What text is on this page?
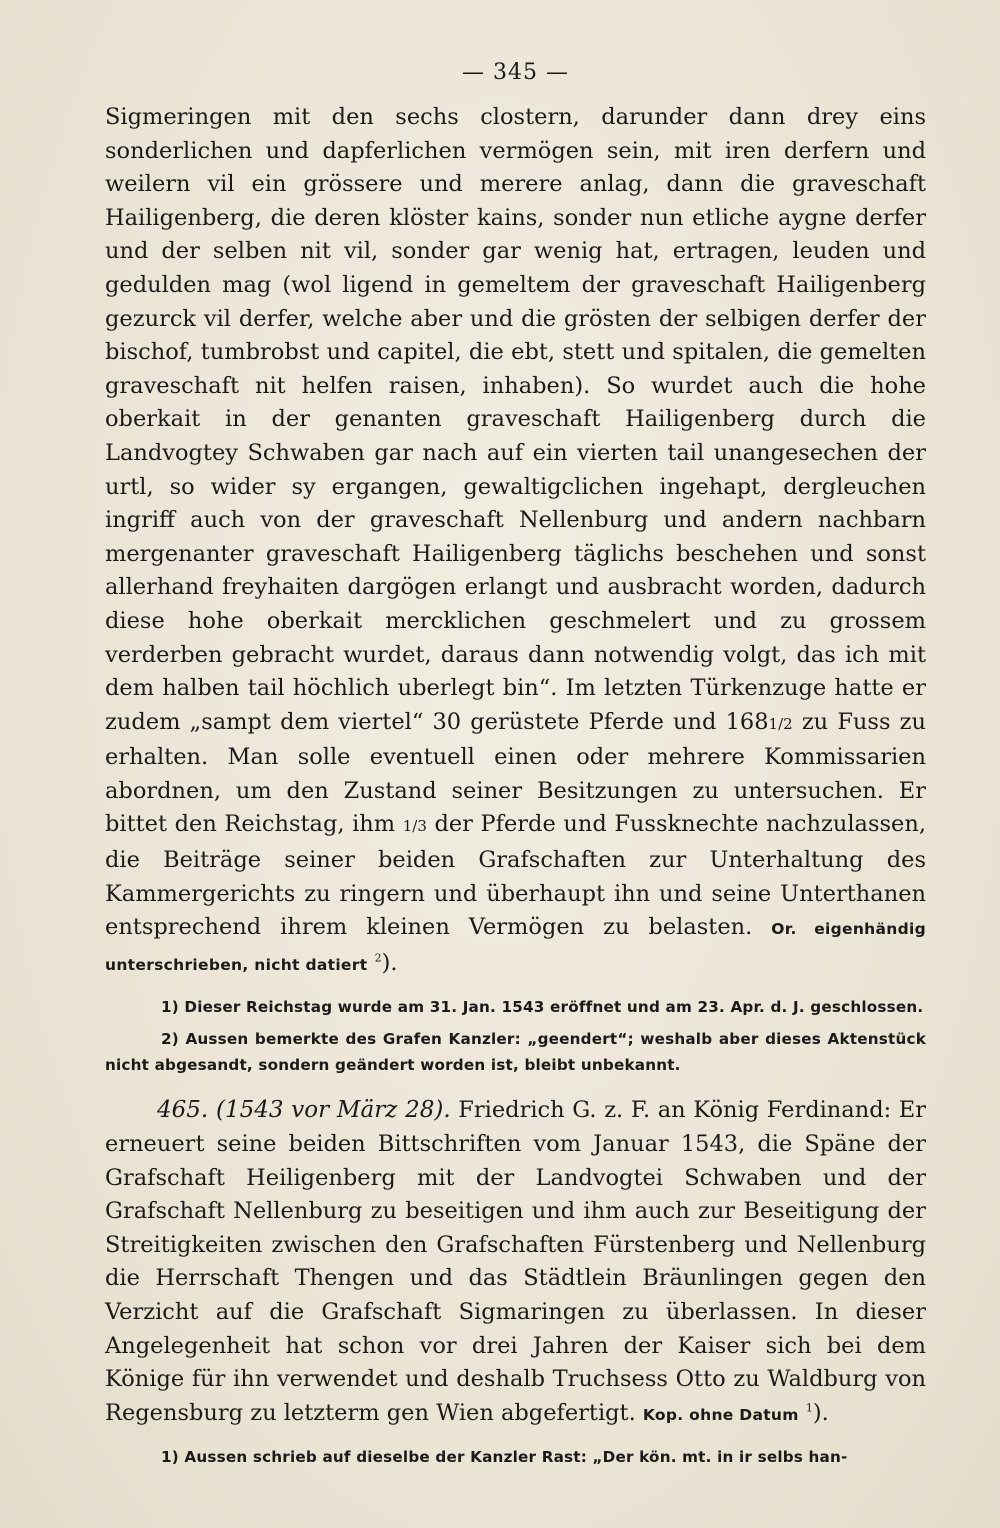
— 345 —

Sigmeringen mit den sechs clostern, darunder dann drey eins sonderlichen und dapferlichen vermögen sein, mit iren derfern und weilern vil ein grössere und merere anlag, dann die graveschaft Hailigenberg, die deren klöster kains, sonder nun etliche aygne derfer und der selben nit vil, sonder gar wenig hat, ertragen, leuden und gedulden mag (wol ligend in gemeltem der graveschaft Hailigenberg gezurck vil derfer, welche aber und die grösten der selbigen derfer der bischof, tumbrobst und capitel, die ebt, stett und spitalen, die gemelten graveschaft nit helfen raisen, inhaben). So wurdet auch die hohe oberkait in der genanten graveschaft Hailigenberg durch die Landvogtey Schwaben gar nach auf ein vierten tail unangesechen der urtl, so wider sy ergangen, gewaltigclichen ingehapt, dergleuchen ingriff auch von der graveschaft Nellenburg und andern nachbarn mergenanter graveschaft Hailigenberg täglichs beschehen und sonst allerhand freyhaiten dargögen erlangt und ausbracht worden, dadurch diese hohe oberkait mercklichen geschmelert und zu grossem verderben gebracht wurdet, daraus dann notwendig volgt, das ich mit dem halben tail höchlich uberlegt bin“. Im letzten Türkenzuge hatte er zudem „sampt dem viertel“ 30 gerüstete Pferde und 1681/2 zu Fuss zu erhalten. Man solle eventuell einen oder mehrere Kommissarien abordnen, um den Zustand seiner Besitzungen zu untersuchen. Er bittet den Reichstag, ihm 1/3 der Pferde und Fussknechte nachzulassen, die Beiträge seiner beiden Grafschaften zur Unterhaltung des Kammergerichts zu ringern und überhaupt ihn und seine Unterthanen entsprechend ihrem kleinen Vermögen zu belasten. Or. eigenhändig unterschrieben, nicht datiert $^2$).

1) Dieser Reichstag wurde am 31. Jan. 1543 eröffnet und am 23. Apr. d. J. geschlossen.

2) Aussen bemerkte des Grafen Kanzler: „geendert“; weshalb aber dieses Aktenstück nicht abgesandt, sondern geändert worden ist, bleibt unbekannt.

465. (1543 vor März 28). Friedrich G. z. F. an König Ferdinand: Er erneuert seine beiden Bittschriften vom Januar 1543, die Späne der Grafschaft Heiligenberg mit der Landvogtei Schwaben und der Grafschaft Nellenburg zu beseitigen und ihm auch zur Beseitigung der Streitigkeiten zwischen den Grafschaften Fürstenberg und Nellenburg die Herrschaft Thengen und das Städtlein Bräunlingen gegen den Verzicht auf die Grafschaft Sigmaringen zu überlassen. In dieser Angelegenheit hat schon vor drei Jahren der Kaiser sich bei dem Könige für ihn verwendet und deshalb Truchsess Otto zu Waldburg von Regensburg zu letzterm gen Wien abgefertigt. Kop. ohne Datum $^1$).

1) Aussen schrieb auf dieselbe der Kanzler Rast: „Der kön. mt. in ir selbs han-
